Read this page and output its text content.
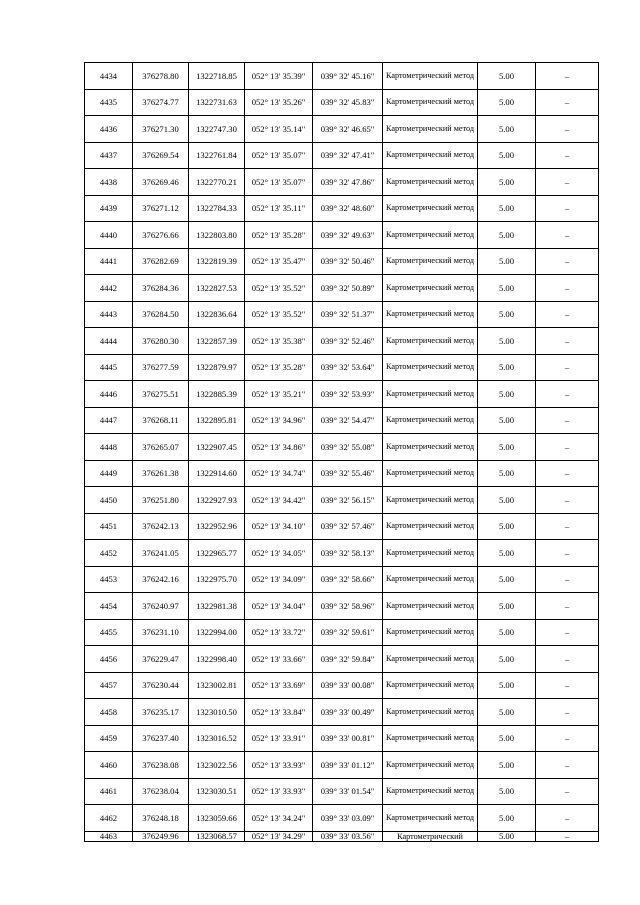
4434	376278.80	1322718.85	052° 13' 35.39"	039° 32' 45.16"	Картометрический метод	5.00	–
4435	376274.77	1322731.63	052° 13' 35.26"	039° 32' 45.83"	Картометрический метод	5.00	–
4436	376271.30	1322747.30	052° 13' 35.14"	039° 32' 46.65"	Картометрический метод	5.00	–
4437	376269.54	1322761.84	052° 13' 35.07"	039° 32' 47.41"	Картометрический метод	5.00	–
4438	376269.46	1322770.21	052° 13' 35.07"	039° 32' 47.86"	Картометрический метод	5.00	–
4439	376271.12	1322784.33	052° 13' 35.11"	039° 32' 48.60"	Картометрический метод	5.00	–
4440	376276.66	1322803.80	052° 13' 35.28"	039° 32' 49.63"	Картометрический метод	5.00	–
4441	376282.69	1322819.39	052° 13' 35.47"	039° 32' 50.46"	Картометрический метод	5.00	–
4442	376284.36	1322827.53	052° 13' 35.52"	039° 32' 50.89"	Картометрический метод	5.00	–
4443	376284.50	1322836.64	052° 13' 35.52"	039° 32' 51.37"	Картометрический метод	5.00	–
4444	376280.30	1322857.39	052° 13' 35.38"	039° 32' 52.46"	Картометрический метод	5.00	–
4445	376277.59	1322879.97	052° 13' 35.28"	039° 32' 53.64"	Картометрический метод	5.00	–
4446	376275.51	1322885.39	052° 13' 35.21"	039° 32' 53.93"	Картометрический метод	5.00	–
4447	376268.11	1322895.81	052° 13' 34.96"	039° 32' 54.47"	Картометрический метод	5.00	–
4448	376265.07	1322907.45	052° 13' 34.86"	039° 32' 55.08"	Картометрический метод	5.00	–
4449	376261.38	1322914.60	052° 13' 34.74"	039° 32' 55.46"	Картометрический метод	5.00	–
4450	376251.80	1322927.93	052° 13' 34.42"	039° 32' 56.15"	Картометрический метод	5.00	–
4451	376242.13	1322952.96	052° 13' 34.10"	039° 32' 57.46"	Картометрический метод	5.00	–
4452	376241.05	1322965.77	052° 13' 34.05"	039° 32' 58.13"	Картометрический метод	5.00	–
4453	376242.16	1322975.70	052° 13' 34.09"	039° 32' 58.66"	Картометрический метод	5.00	–
4454	376240.97	1322981.38	052° 13' 34.04"	039° 32' 58.96"	Картометрический метод	5.00	–
4455	376231.10	1322994.00	052° 13' 33.72"	039° 32' 59.61"	Картометрический метод	5.00	–
4456	376229.47	1322998.40	052° 13' 33.66"	039° 32' 59.84"	Картометрический метод	5.00	–
4457	376230.44	1323002.81	052° 13' 33.69"	039° 33' 00.08"	Картометрический метод	5.00	–
4458	376235.17	1323010.50	052° 13' 33.84"	039° 33' 00.49"	Картометрический метод	5.00	–
4459	376237.40	1323016.52	052° 13' 33.91"	039° 33' 00.81"	Картометрический метод	5.00	–
4460	376238.08	1323022.56	052° 13' 33.93"	039° 33' 01.12"	Картометрический метод	5.00	–
4461	376238.04	1323030.51	052° 13' 33.93"	039° 33' 01.54"	Картометрический метод	5.00	–
4462	376248.18	1323059.66	052° 13' 34.24"	039° 33' 03.09"	Картометрический метод	5.00	–
4463	376249.96	1323068.57	052° 13' 34.29"	039° 33' 03.56"	Картометрический	5.00	–
